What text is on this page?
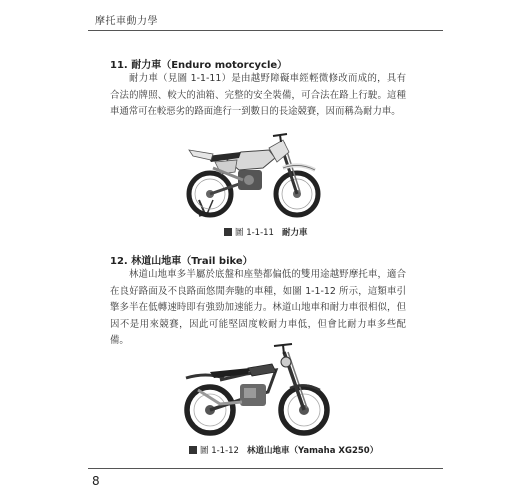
摩托車動力學
11. 耐力車（Enduro motorcycle）

耐力車（見圖 1-1-11）是由越野障礙車經輕微修改而成的，具有合法的牌照、較大的油箱、完整的安全裝備，可合法在路上行駛。這種車通常可在較惡劣的路面進行一到數日的長途競賽，因而稱為耐力車。

圖 1-1-11 耐力車
12. 林道山地車（Trail bike）

林道山地車多半屬於底盤和座墊都偏低的雙用途越野摩托車，適合在良好路面及不良路面悠閒奔馳的車種，如圖 1-1-12 所示，這類車引擎多半在低轉速時即有強勁加速能力。林道山地車和耐力車很相似，但因不是用來競賽，因此可能堅固度較耐力車低，但會比耐力車多些配備。

圖 1-1-12 林道山地車（Yamaha XG250）
8
